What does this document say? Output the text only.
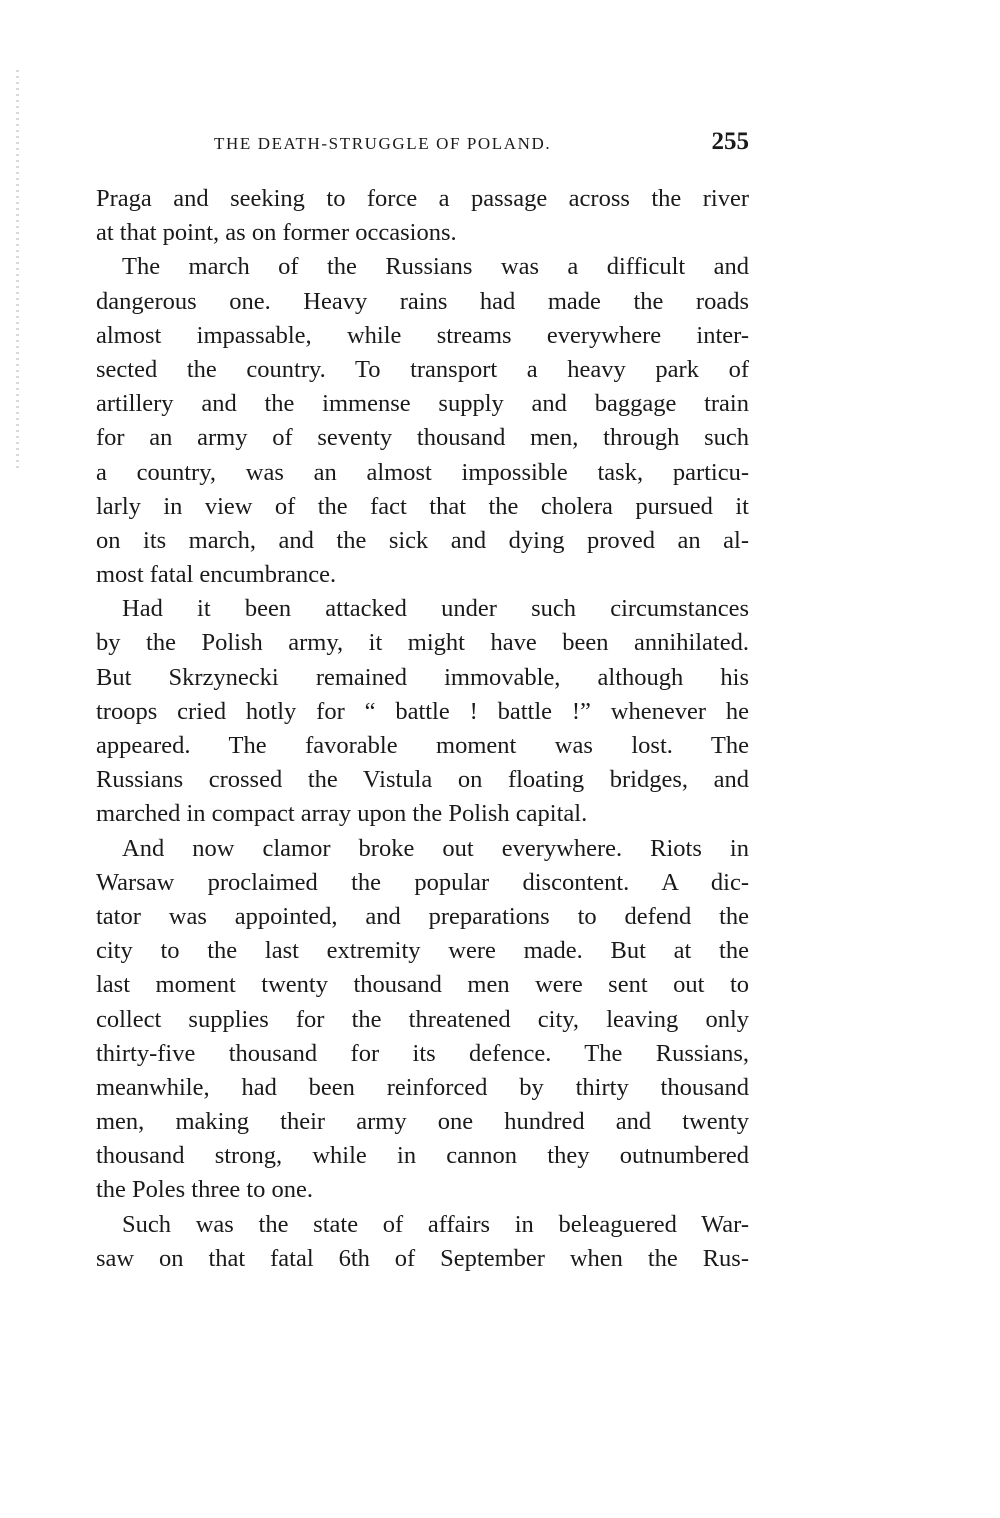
THE DEATH-STRUGGLE OF POLAND.	255
Praga and seeking to force a passage across the river
at that point, as on former occasions.
The march of the Russians was a difficult and
dangerous one. Heavy rains had made the roads
almost impassable, while streams everywhere inter-
sected the country. To transport a heavy park of
artillery and the immense supply and baggage train
for an army of seventy thousand men, through such
a country, was an almost impossible task, particu-
larly in view of the fact that the cholera pursued it
on its march, and the sick and dying proved an al-
most fatal encumbrance.
Had it been attacked under such circumstances
by the Polish army, it might have been annihilated.
But Skrzynecki remained immovable, although his
troops cried hotly for “ battle ! battle !” whenever he
appeared. The favorable moment was lost. The
Russians crossed the Vistula on floating bridges, and
marched in compact array upon the Polish capital.
And now clamor broke out everywhere. Riots in
Warsaw proclaimed the popular discontent. A dic-
tator was appointed, and preparations to defend the
city to the last extremity were made. But at the
last moment twenty thousand men were sent out to
collect supplies for the threatened city, leaving only
thirty-five thousand for its defence. The Russians,
meanwhile, had been reinforced by thirty thousand
men, making their army one hundred and twenty
thousand strong, while in cannon they outnumbered
the Poles three to one.
Such was the state of affairs in beleaguered War-
saw on that fatal 6th of September when the Rus-
